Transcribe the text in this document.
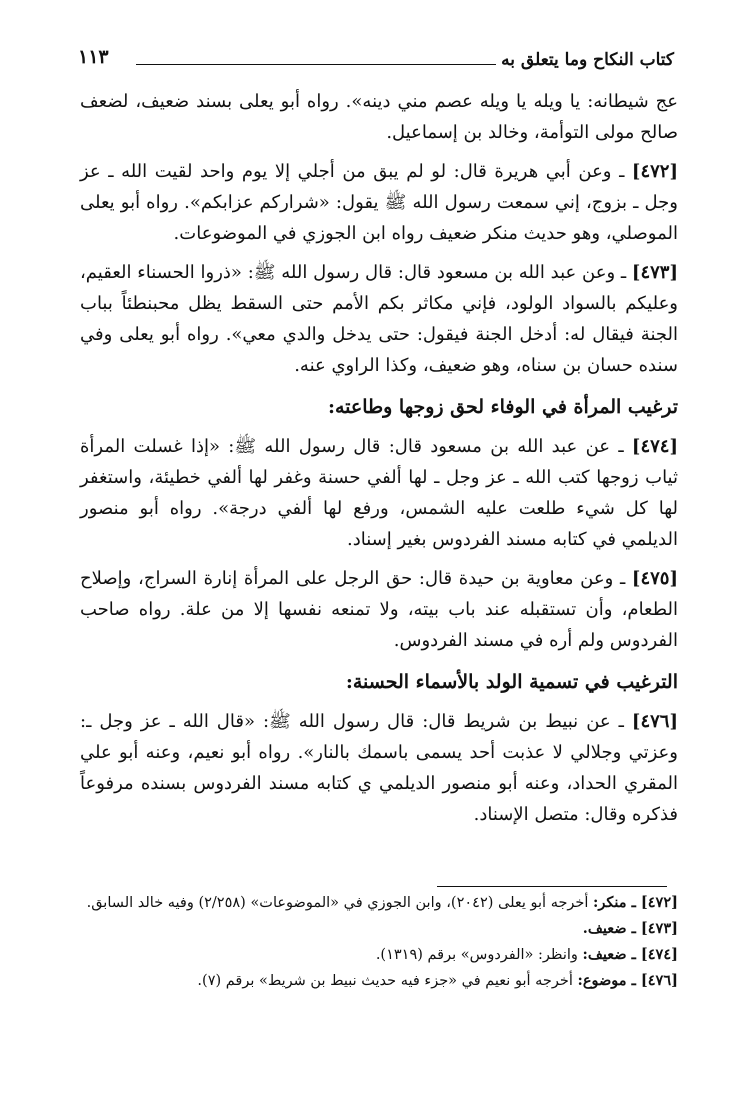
كتاب النكاح وما يتعلق به
١١٣

عج شيطانه: يا ويله يا ويله عصم مني دينه». رواه أبو يعلى بسند ضعيف، لضعف صالح مولى التوأمة، وخالد بن إسماعيل.

[٤٧٢] ـ وعن أبي هريرة قال: لو لم يبق من أجلي إلا يوم واحد لقيت الله ـ عز وجل ـ بزوج، إني سمعت رسول الله ﷺ يقول: «شراركم عزابكم». رواه أبو يعلى الموصلي، وهو حديث منكر ضعيف رواه ابن الجوزي في الموضوعات.

[٤٧٣] ـ وعن عبد الله بن مسعود قال: قال رسول الله ﷺ: «ذروا الحسناء العقيم، وعليكم بالسواد الولود، فإني مكاثر بكم الأمم حتى السقط يظل محبنطئاً بباب الجنة فيقال له: أدخل الجنة فيقول: حتى يدخل والدي معي». رواه أبو يعلى وفي سنده حسان بن سناه، وهو ضعيف، وكذا الراوي عنه.

ترغيب المرأة في الوفاء لحق زوجها وطاعته:

[٤٧٤] ـ عن عبد الله بن مسعود قال: قال رسول الله ﷺ: «إذا غسلت المرأة ثياب زوجها كتب الله ـ عز وجل ـ لها ألفي حسنة وغفر لها ألفي خطيئة، واستغفر لها كل شيء طلعت عليه الشمس، ورفع لها ألفي درجة». رواه أبو منصور الديلمي في كتابه مسند الفردوس بغير إسناد.

[٤٧٥] ـ وعن معاوية بن حيدة قال: حق الرجل على المرأة إنارة السراج، وإصلاح الطعام، وأن تستقبله عند باب بيته، ولا تمنعه نفسها إلا من علة. رواه صاحب الفردوس ولم أره في مسند الفردوس.

الترغيب في تسمية الولد بالأسماء الحسنة:

[٤٧٦] ـ عن نبيط بن شريط قال: قال رسول الله ﷺ: «قال الله ـ عز وجل ـ: وعزتي وجلالي لا عذبت أحد يسمى باسمك بالنار». رواه أبو نعيم، وعنه أبو علي المقري الحداد، وعنه أبو منصور الديلمي ي كتابه مسند الفردوس بسنده مرفوعاً فذكره وقال: متصل الإسناد.

[٤٧٢] ـ منكر: أخرجه أبو يعلى (٢٠٤٢)، وابن الجوزي في «الموضوعات» (٢/٢٥٨) وفيه خالد السابق.

[٤٧٣] ـ ضعيف.

[٤٧٤] ـ ضعيف: وانظر: «الفردوس» برقم (١٣١٩).

[٤٧٦] ـ موضوع: أخرجه أبو نعيم في «جزء فيه حديث نبيط بن شريط» برقم (٧).
